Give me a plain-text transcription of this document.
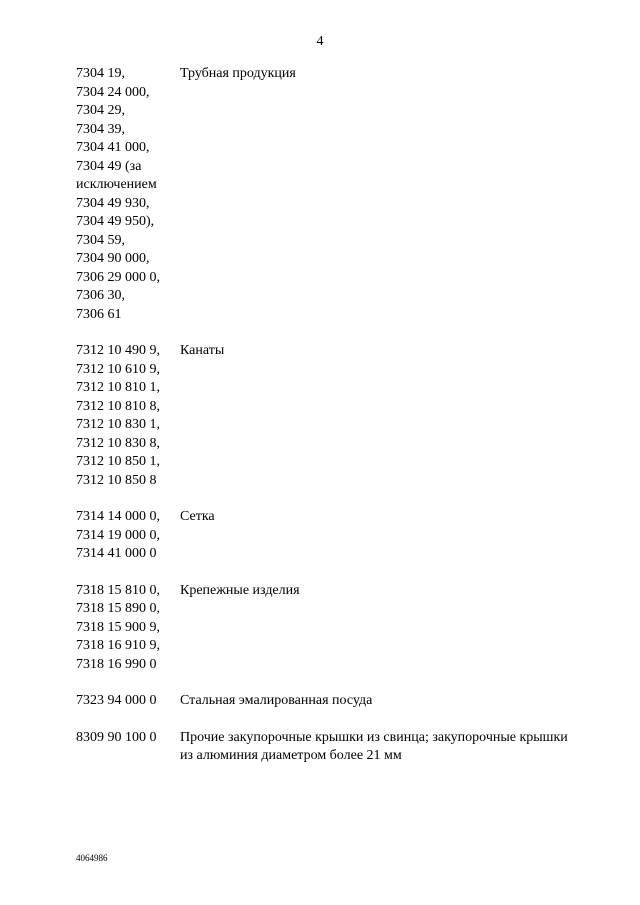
4
7304 19,
7304 24 000,
7304 29,
7304 39,
7304 41 000,
7304 49 (за
исключением
7304 49 930,
7304 49 950),
7304 59,
7304 90 000,
7306 29 000 0,
7306 30,
7306 61
Трубная продукция
7312 10 490 9,
7312 10 610 9,
7312 10 810 1,
7312 10 810 8,
7312 10 830 1,
7312 10 830 8,
7312 10 850 1,
7312 10 850 8
Канаты
7314 14 000 0,
7314 19 000 0,
7314 41 000 0
Сетка
7318 15 810 0,
7318 15 890 0,
7318 15 900 9,
7318 16 910 9,
7318 16 990 0
Крепежные изделия
7323 94 000 0	Стальная эмалированная посуда
8309 90 100 0	Прочие закупорочные крышки из свинца; закупорочные крышки из алюминия диаметром более 21 мм
4064986
